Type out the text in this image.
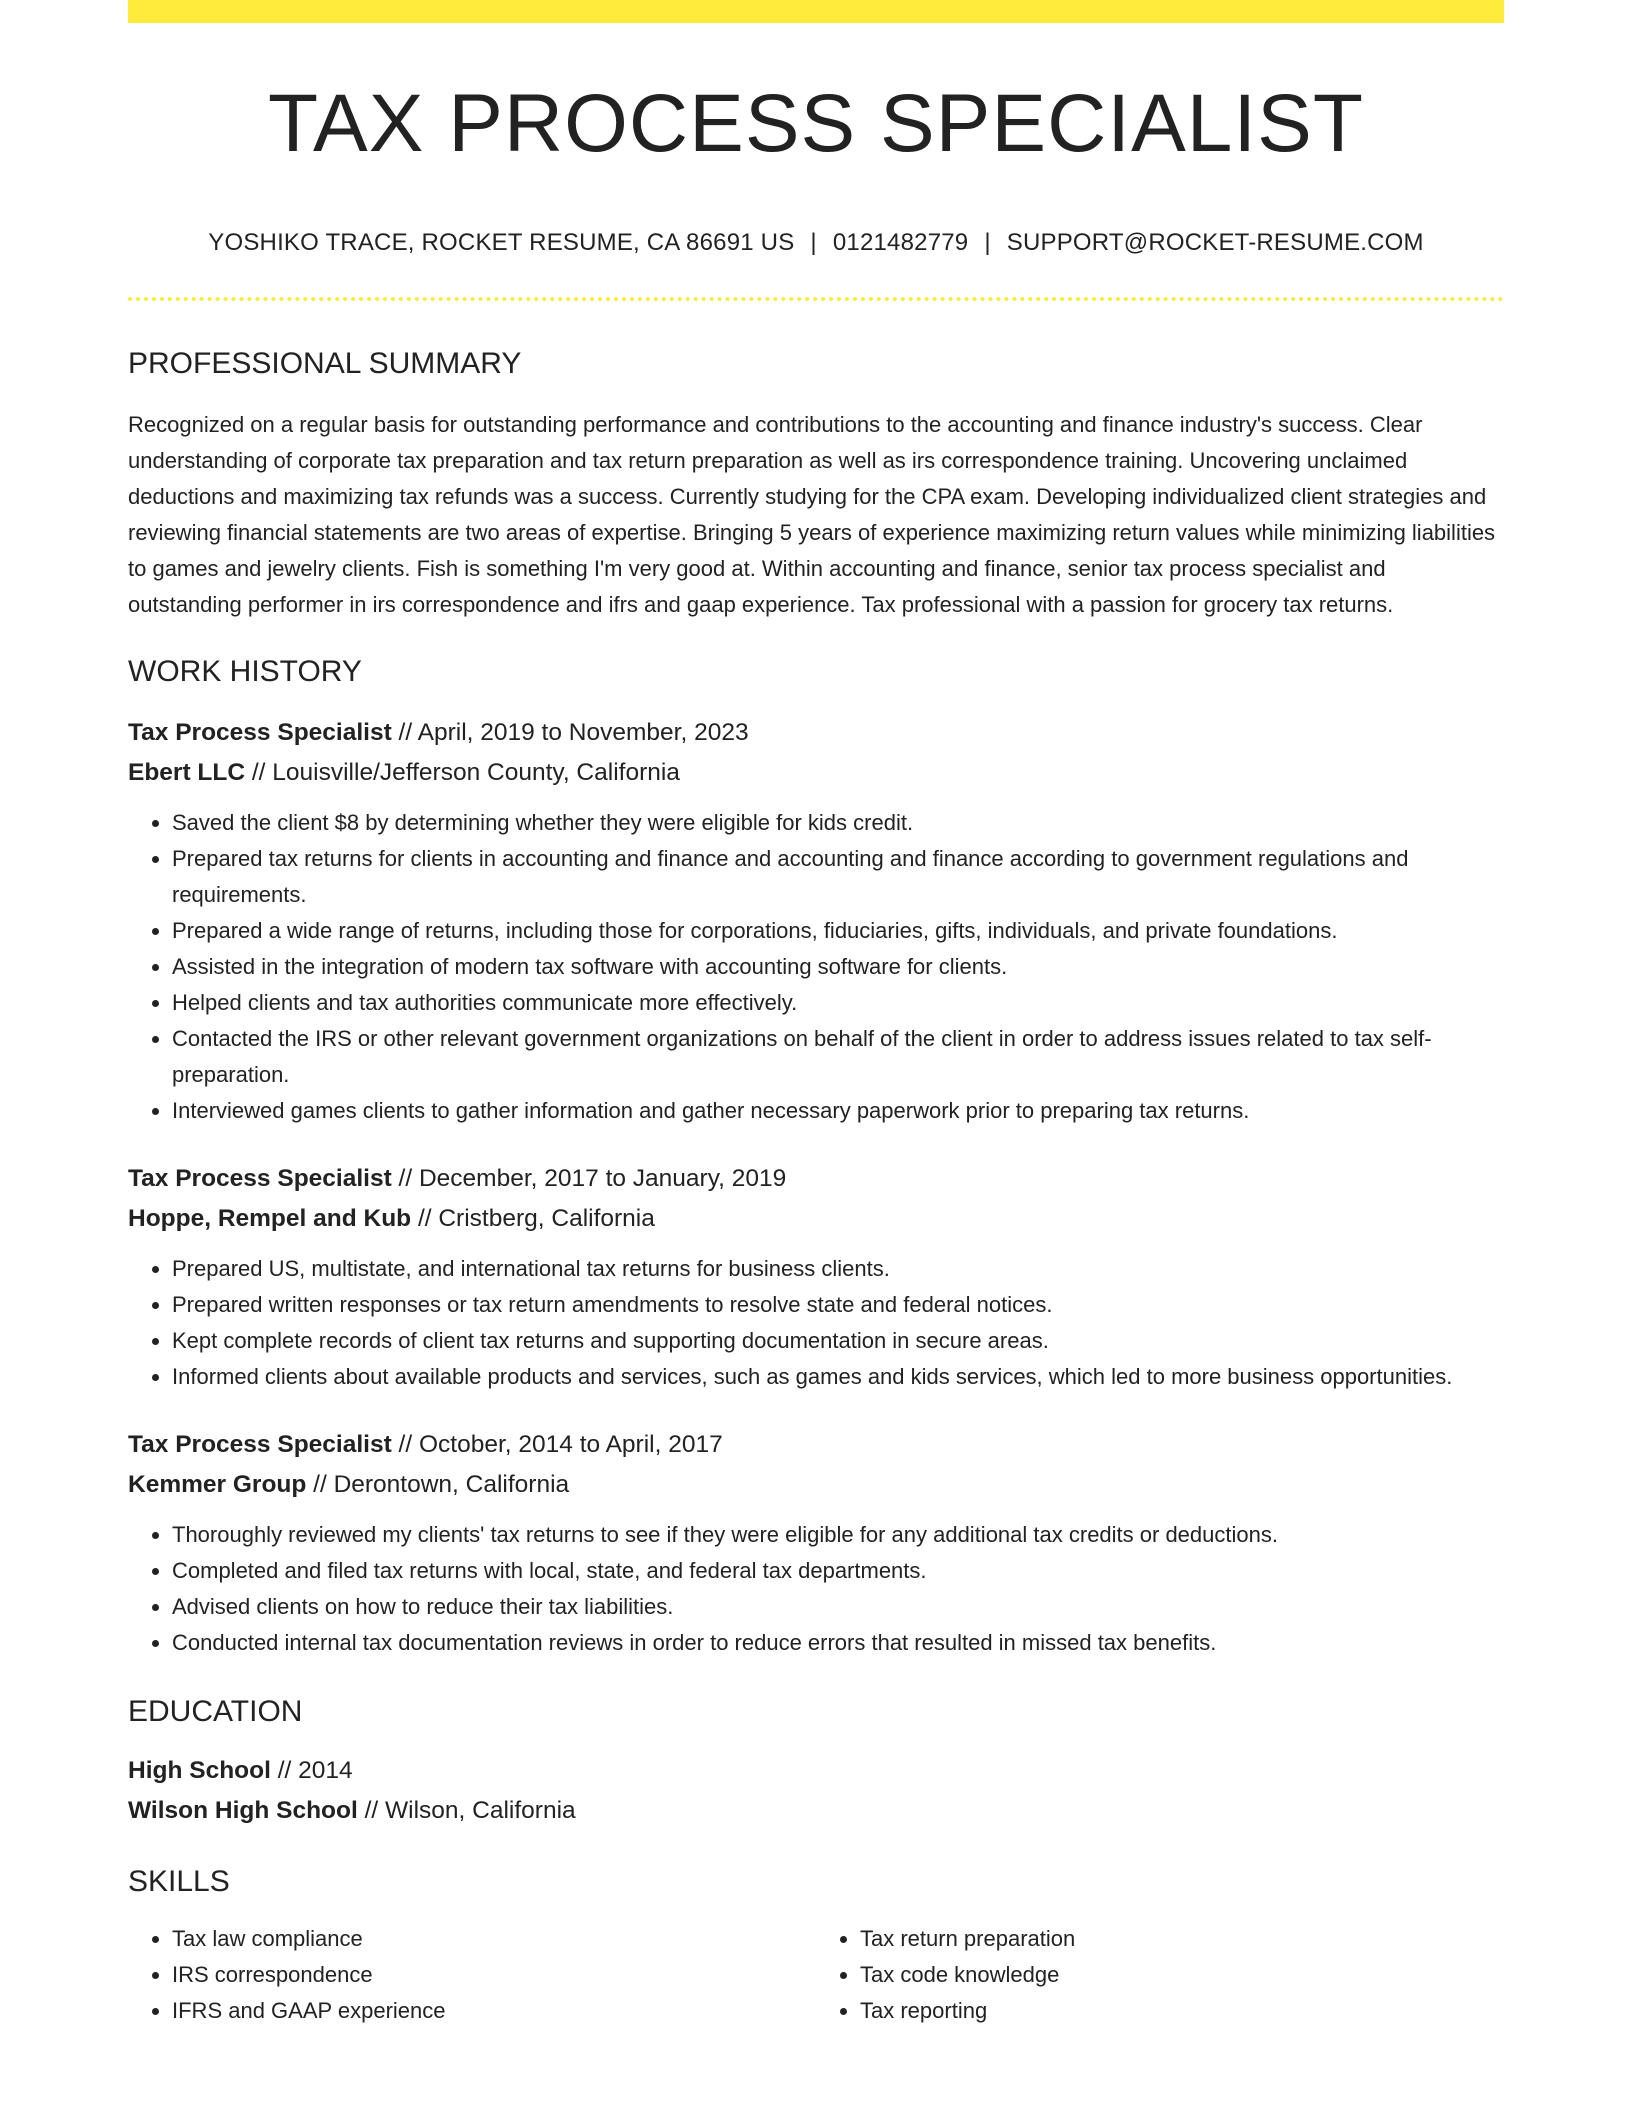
TAX PROCESS SPECIALIST
YOSHIKO TRACE, ROCKET RESUME, CA 86691 US | 0121482779 | SUPPORT@ROCKET-RESUME.COM
PROFESSIONAL SUMMARY

Recognized on a regular basis for outstanding performance and contributions to the accounting and finance industry's success. Clear understanding of corporate tax preparation and tax return preparation as well as irs correspondence training. Uncovering unclaimed deductions and maximizing tax refunds was a success. Currently studying for the CPA exam. Developing individualized client strategies and reviewing financial statements are two areas of expertise. Bringing 5 years of experience maximizing return values while minimizing liabilities to games and jewelry clients. Fish is something I'm very good at. Within accounting and finance, senior tax process specialist and outstanding performer in irs correspondence and ifrs and gaap experience. Tax professional with a passion for grocery tax returns.

WORK HISTORY
Tax Process Specialist // April, 2019 to November, 2023
Ebert LLC // Louisville/Jefferson County, California
• Saved the client $8 by determining whether they were eligible for kids credit.
• Prepared tax returns for clients in accounting and finance and accounting and finance according to government regulations and requirements.
• Prepared a wide range of returns, including those for corporations, fiduciaries, gifts, individuals, and private foundations.
• Assisted in the integration of modern tax software with accounting software for clients.
• Helped clients and tax authorities communicate more effectively.
• Contacted the IRS or other relevant government organizations on behalf of the client in order to address issues related to tax self-preparation.
• Interviewed games clients to gather information and gather necessary paperwork prior to preparing tax returns.
Tax Process Specialist // December, 2017 to January, 2019
Hoppe, Rempel and Kub // Cristberg, California
• Prepared US, multistate, and international tax returns for business clients.
• Prepared written responses or tax return amendments to resolve state and federal notices.
• Kept complete records of client tax returns and supporting documentation in secure areas.
• Informed clients about available products and services, such as games and kids services, which led to more business opportunities.
Tax Process Specialist // October, 2014 to April, 2017
Kemmer Group // Derontown, California
• Thoroughly reviewed my clients' tax returns to see if they were eligible for any additional tax credits or deductions.
• Completed and filed tax returns with local, state, and federal tax departments.
• Advised clients on how to reduce their tax liabilities.
• Conducted internal tax documentation reviews in order to reduce errors that resulted in missed tax benefits.
EDUCATION
High School // 2014
Wilson High School // Wilson, California
SKILLS
• Tax law compliance
• IRS correspondence
• IFRS and GAAP experience
• Tax return preparation
• Tax code knowledge
• Tax reporting
